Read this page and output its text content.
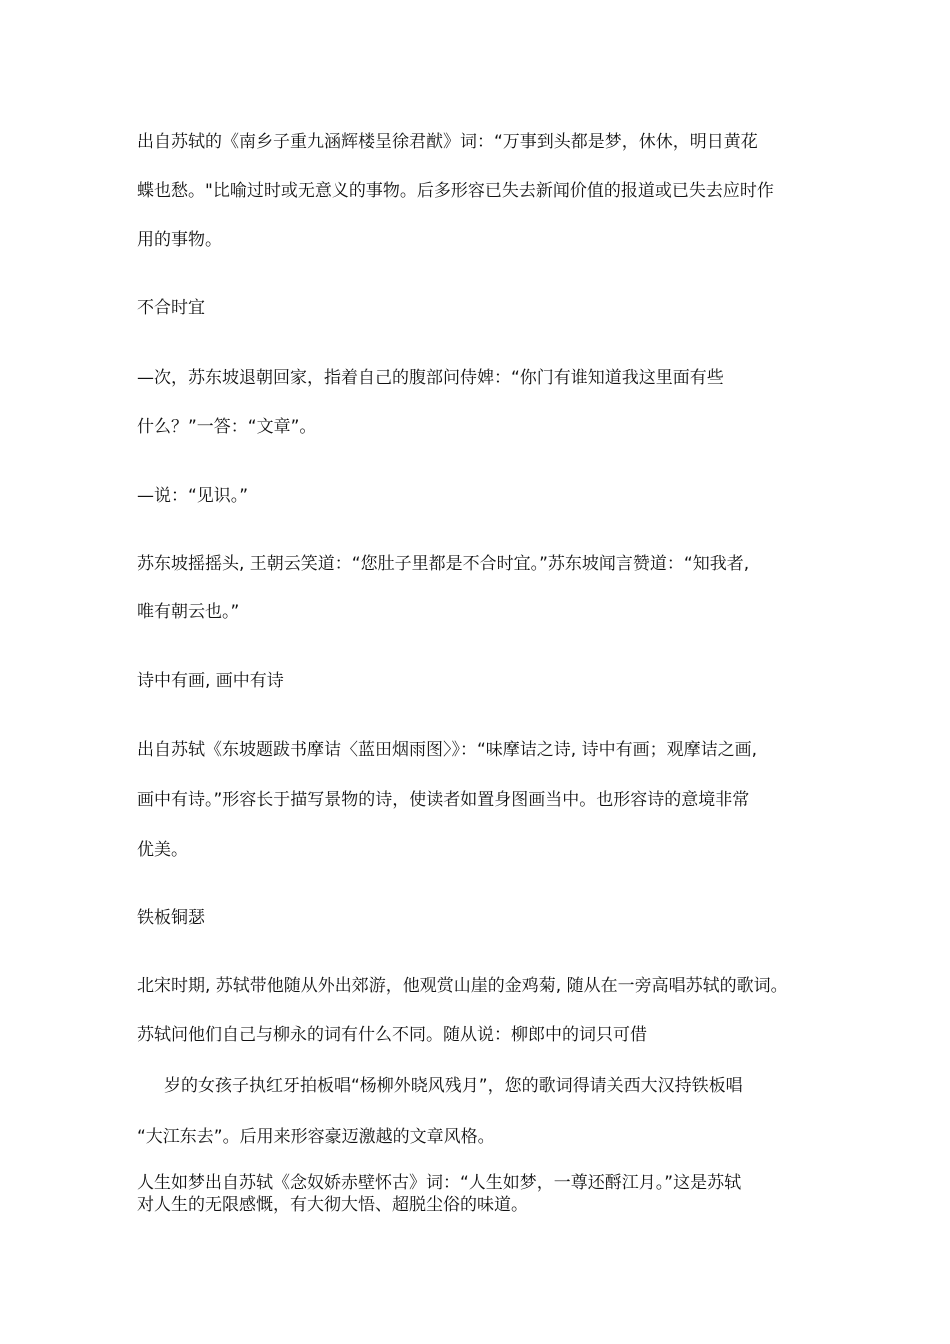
出自苏轼的《南乡子重九涵辉楼呈徐君猷》词：“万事到头都是梦，休休，明日黄花
蝶也愁。"比喻过时或无意义的事物。后多形容已失去新闻价值的报道或已失去应时作
用的事物。
不合时宜
—次，苏东坡退朝回家，指着自己的腹部问侍婢：“你门有谁知道我这里面有些
什么？”一答：“文章”。
—说：“见识。”
苏东坡摇摇头, 王朝云笑道：“您肚子里都是不合时宜。”苏东坡闻言赞道：“知我者,
唯有朝云也。”
诗中有画, 画中有诗
出自苏轼《东坡题跋书摩诘〈蓝田烟雨图〉》：“味摩诘之诗, 诗中有画；观摩诘之画,
画中有诗。”形容长于描写景物的诗，使读者如置身图画当中。也形容诗的意境非常
优美。
铁板铜瑟
北宋时期, 苏轼带他随从外出郊游，他观赏山崖的金鸡菊, 随从在一旁高唱苏轼的歌词。
苏轼问他们自己与柳永的词有什么不同。随从说：柳郎中的词只可借
岁的女孩子执红牙拍板唱“杨柳外晓风残月”，您的歌词得请关西大汉持铁板唱
“大江东去”。后用来形容豪迈激越的文章风格。
人生如梦出自苏轼《念奴娇赤壁怀古》词：“人生如梦，一尊还酹江月。”这是苏轼
对人生的无限感慨，有大彻大悟、超脱尘俗的味道。
